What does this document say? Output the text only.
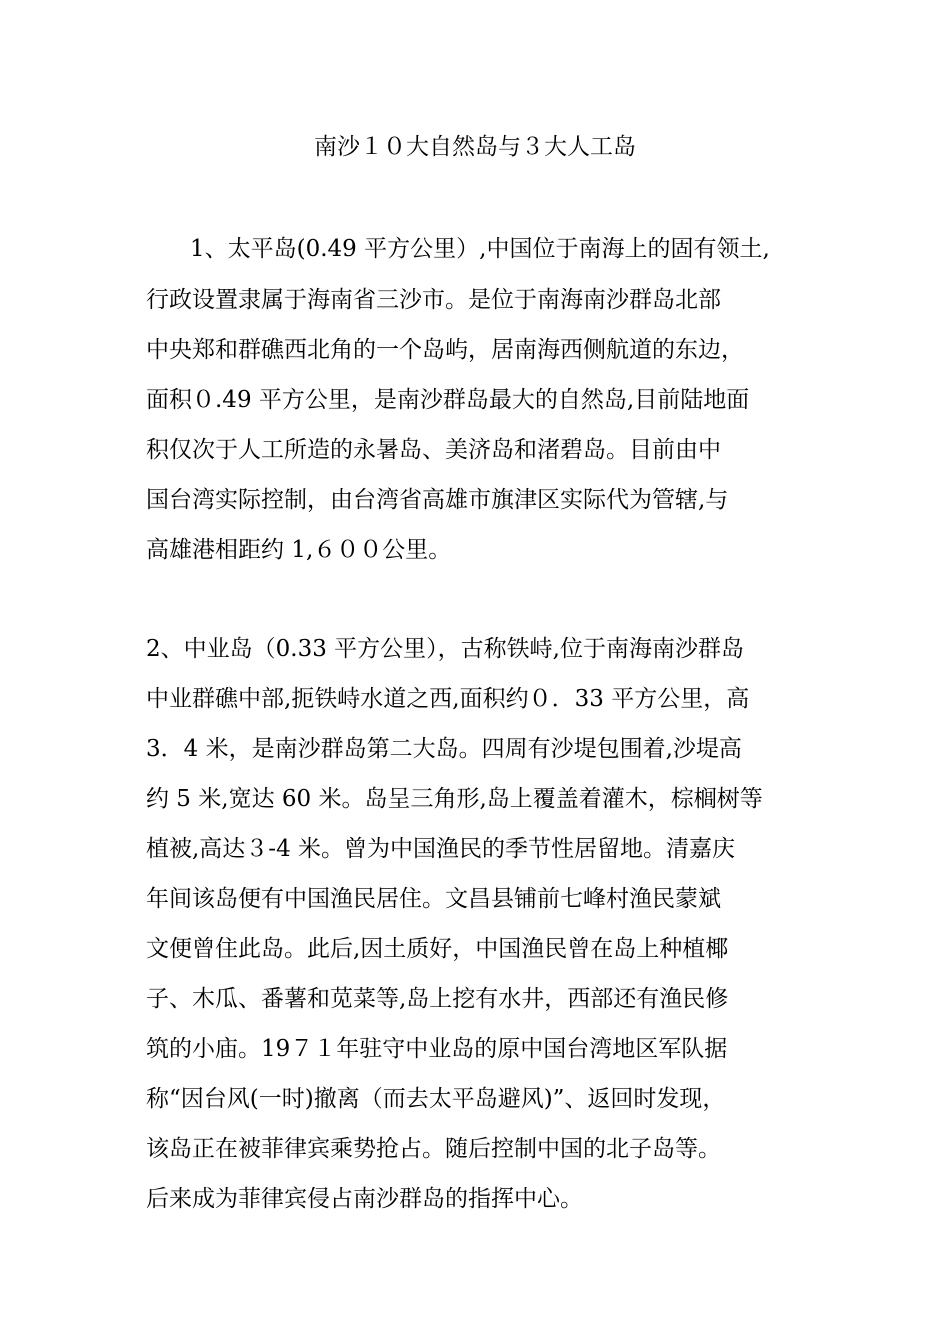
南沙１０大自然岛与３大人工岛
1、太平岛(0.49 平方公里）,中国位于南海上的固有领土,
行政设置隶属于海南省三沙市。是位于南海南沙群岛北部
中央郑和群礁西北角的一个岛屿，居南海西侧航道的东边，
面积０.49 平方公里，是南沙群岛最大的自然岛,目前陆地面
积仅次于人工所造的永暑岛、美济岛和渚碧岛。目前由中
国台湾实际控制，由台湾省高雄市旗津区实际代为管辖,与
高雄港相距约 1,６００公里。
2、中业岛（0.33 平方公里），古称铁峙,位于南海南沙群岛
中业群礁中部,扼铁峙水道之西,面积约０．33 平方公里，高
3．4 米，是南沙群岛第二大岛。四周有沙堤包围着,沙堤高
约 5 米,宽达 60 米。岛呈三角形,岛上覆盖着灌木，棕榈树等
植被,高达３-4 米。曾为中国渔民的季节性居留地。清嘉庆
年间该岛便有中国渔民居住。文昌县铺前七峰村渔民蒙斌
文便曾住此岛。此后,因土质好，中国渔民曾在岛上种植椰
子、木瓜、番薯和苋菜等,岛上挖有水井，西部还有渔民修
筑的小庙。19７１年驻守中业岛的原中国台湾地区军队据
称“因台风(一时)撤离（而去太平岛避风)”、返回时发现，
该岛正在被菲律宾乘势抢占。随后控制中国的北子岛等。
后来成为菲律宾侵占南沙群岛的指挥中心。
